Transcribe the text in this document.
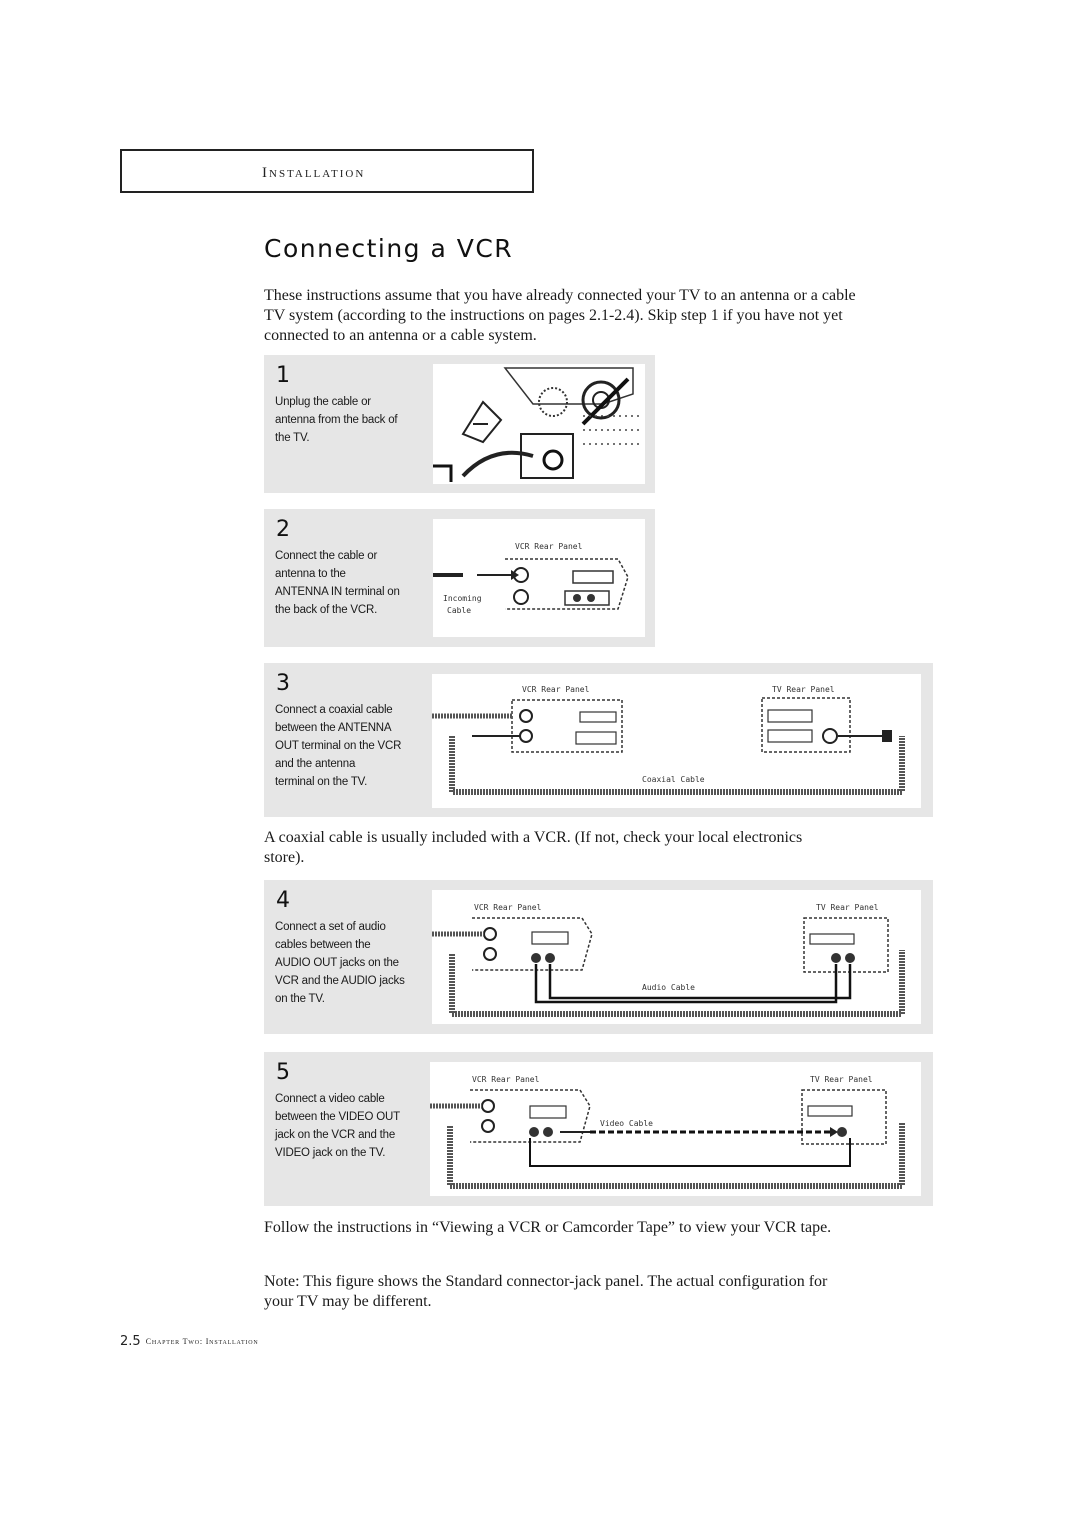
Installation
Connecting a VCR

These instructions assume that you have already connected your TV to an antenna or a cable

TV system (according to the instructions on pages 2.1-2.4). Skip step 1 if you have not yet

connected to an antenna or a cable system.

1
Unplug the cable or
antenna from the back of
the TV.
2
Connect the cable or
antenna to the
ANTENNA IN terminal on
the back of the VCR.
VCR Rear Panel
Incoming
Cable
3
Connect a coaxial cable
between the ANTENNA
OUT terminal on the VCR
and the antenna
terminal on the TV.
VCR Rear Panel	TV Rear Panel
Coaxial Cable

A coaxial cable is usually included with a VCR. (If not, check your local electronics

store).

4
Connect a set of audio
cables between the
AUDIO OUT jacks on the
VCR and the AUDIO jacks
on the TV.
VCR Rear Panel	TV Rear Panel
Audio Cable
5
Connect a video cable
between the VIDEO OUT
jack on the VCR and the
VIDEO jack on the TV.
VCR Rear Panel	TV Rear Panel
Video Cable

Follow the instructions in “Viewing a VCR or Camcorder Tape” to view your VCR tape.

Note: This figure shows the Standard connector-jack panel. The actual configuration for

your TV may be different.

2.5 Chapter Two: Installation
